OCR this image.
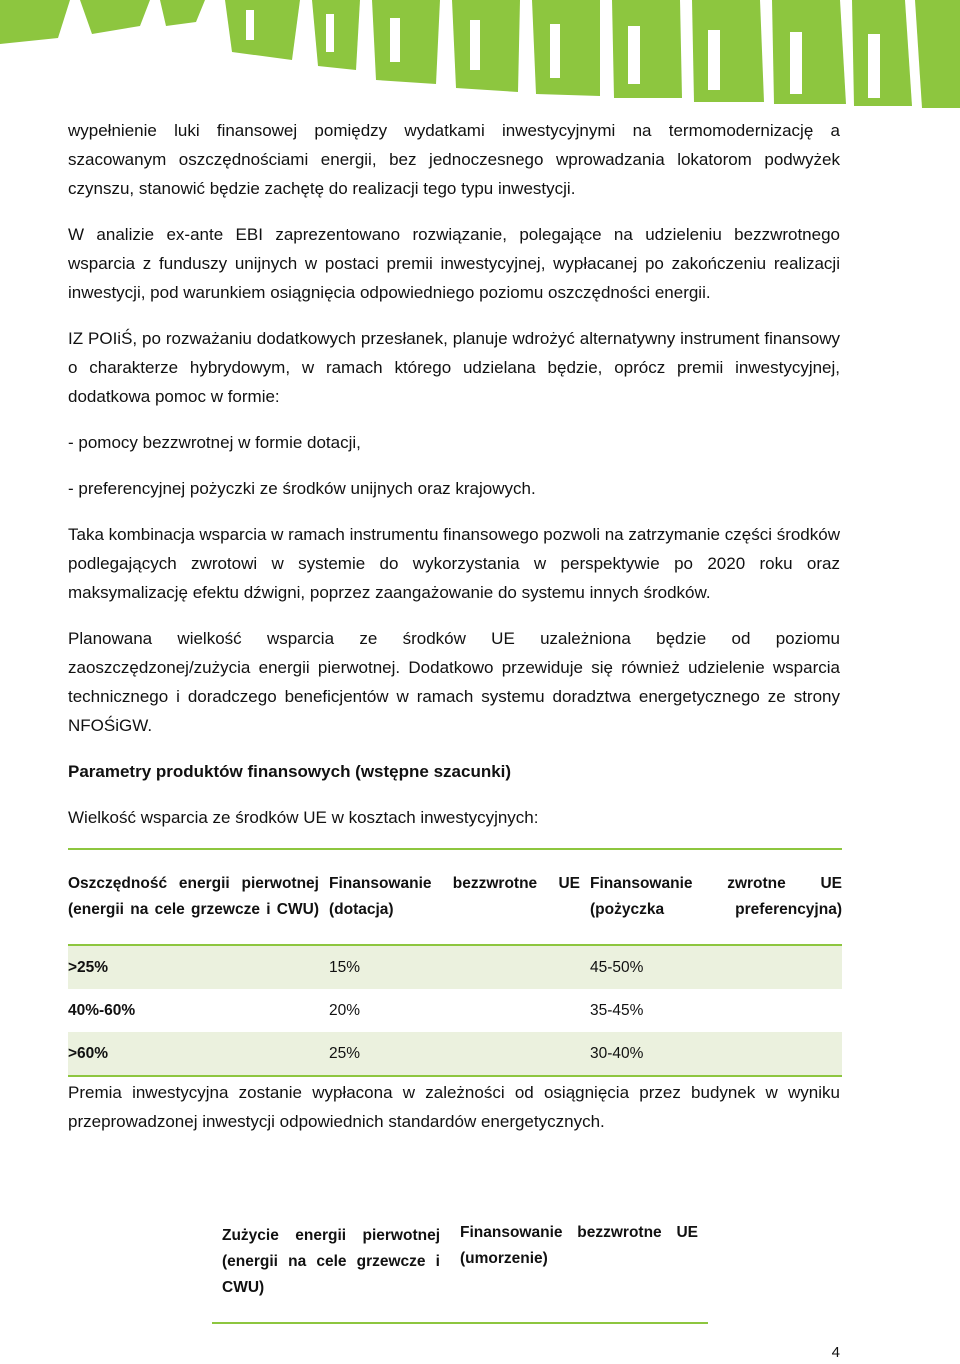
wypełnienie luki finansowej pomiędzy wydatkami inwestycyjnymi na termomodernizację a szacowanym oszczędnościami energii, bez jednoczesnego wprowadzania lokatorom podwyżek czynszu, stanowić będzie zachętę do realizacji tego typu inwestycji.

W analizie ex-ante EBI zaprezentowano rozwiązanie, polegające na udzieleniu bezzwrotnego wsparcia z funduszy unijnych w postaci premii inwestycyjnej, wypłacanej po zakończeniu realizacji inwestycji, pod warunkiem osiągnięcia odpowiedniego poziomu oszczędności energii.

IZ POIiŚ, po rozważaniu dodatkowych przesłanek, planuje wdrożyć alternatywny instrument finansowy o charakterze hybrydowym, w ramach którego udzielana będzie, oprócz premii inwestycyjnej, dodatkowa pomoc w formie:

- pomocy bezzwrotnej w formie dotacji,

- preferencyjnej pożyczki ze środków unijnych oraz krajowych.

Taka kombinacja wsparcia w ramach instrumentu finansowego pozwoli na zatrzymanie części środków podlegających zwrotowi w systemie do wykorzystania w perspektywie po 2020 roku oraz maksymalizację efektu dźwigni, poprzez zaangażowanie do systemu innych środków.

Planowana wielkość wsparcia ze środków UE uzależniona będzie od poziomu zaoszczędzonej/zużycia energii pierwotnej. Dodatkowo przewiduje się również udzielenie wsparcia technicznego i doradczego beneficjentów w ramach systemu doradztwa energetycznego ze strony NFOŚiGW.

Parametry produktów finansowych (wstępne szacunki)

Wielkość wsparcia ze środków UE w kosztach inwestycyjnych:

Oszczędność energii pierwotnej (energii na cele grzewcze i CWU)	Finansowanie bezzwrotne UE (dotacja)	Finansowanie zwrotne UE (pożyczka preferencyjna)

>25%	15%	45-50%
40%-60%	20%	35-45%
>60%	25%	30-40%

Premia inwestycyjna zostanie wypłacona w zależności od osiągnięcia przez budynek w wyniku przeprowadzonej inwestycji odpowiednich standardów energetycznych.

Zużycie energii pierwotnej (energii na cele grzewcze i CWU)	Finansowanie bezzwrotne UE (umorzenie)
4
